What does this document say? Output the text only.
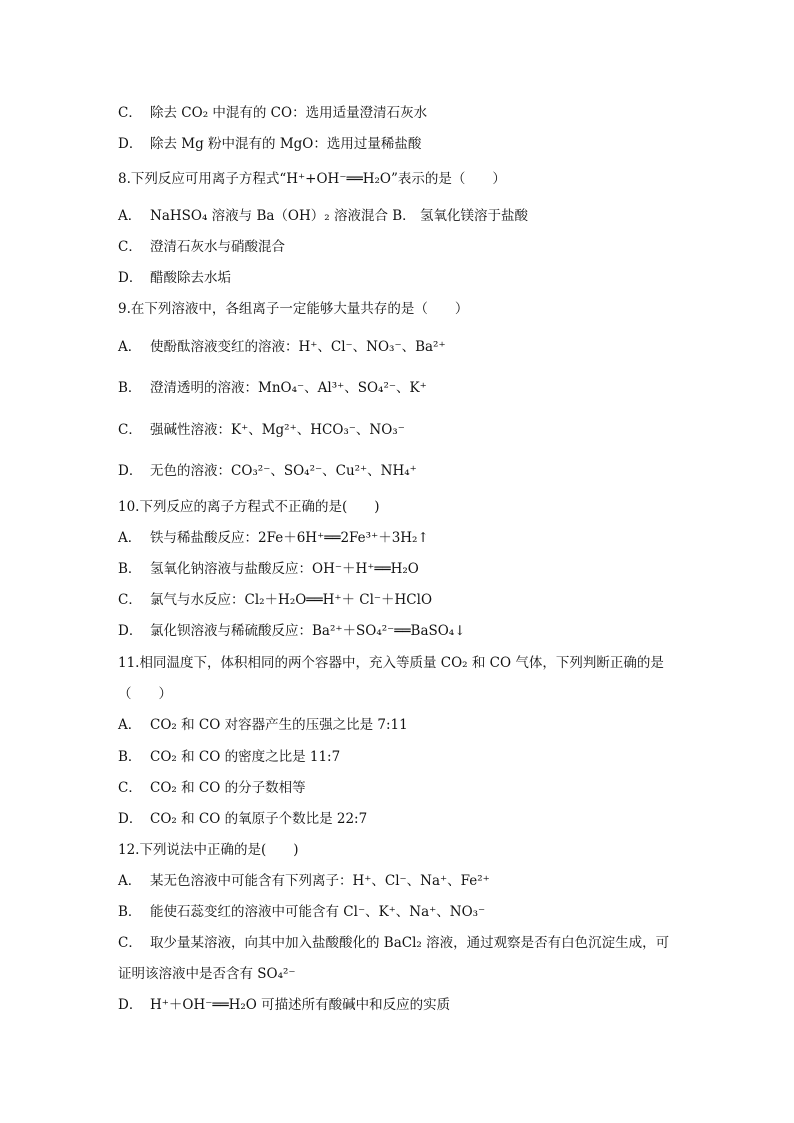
C． 除去 CO₂ 中混有的 CO：选用适量澄清石灰水
D． 除去 Mg 粉中混有的 MgO：选用过量稀盐酸
8.下列反应可用离子方程式“H⁺+OH⁻══H₂O”表示的是（　　）
A． NaHSO₄ 溶液与 Ba（OH）₂ 溶液混合 B． 氢氧化镁溶于盐酸
C． 澄清石灰水与硝酸混合
D． 醋酸除去水垢
9.在下列溶液中，各组离子一定能够大量共存的是（　　）
A． 使酚酞溶液变红的溶液：H⁺、Cl⁻、NO₃⁻、Ba²⁺
B． 澄清透明的溶液：MnO₄⁻、Al³⁺、SO₄²⁻、K⁺
C． 强碱性溶液：K⁺、Mg²⁺、HCO₃⁻、NO₃⁻
D． 无色的溶液：CO₃²⁻、SO₄²⁻、Cu²⁺、NH₄⁺
10.下列反应的离子方程式不正确的是(　　)
A． 铁与稀盐酸反应：2Fe＋6H⁺══2Fe³⁺＋3H₂↑
B． 氢氧化钠溶液与盐酸反应：OH⁻＋H⁺══H₂O
C． 氯气与水反应：Cl₂＋H₂O══H⁺＋ Cl⁻＋HClO
D． 氯化钡溶液与稀硫酸反应：Ba²⁺＋SO₄²⁻══BaSO₄↓
11.相同温度下，体积相同的两个容器中，充入等质量 CO₂ 和 CO 气体，下列判断正确的是
（　　）
A． CO₂ 和 CO 对容器产生的压强之比是 7:11
B． CO₂ 和 CO 的密度之比是 11:7
C． CO₂ 和 CO 的分子数相等
D． CO₂ 和 CO 的氧原子个数比是 22:7
12.下列说法中正确的是(　　)
A． 某无色溶液中可能含有下列离子：H⁺、Cl⁻、Na⁺、Fe²⁺
B． 能使石蕊变红的溶液中可能含有 Cl⁻、K⁺、Na⁺、NO₃⁻
C． 取少量某溶液，向其中加入盐酸酸化的 BaCl₂ 溶液，通过观察是否有白色沉淀生成，可
证明该溶液中是否含有 SO₄²⁻
D． H⁺＋OH⁻══H₂O 可描述所有酸碱中和反应的实质
